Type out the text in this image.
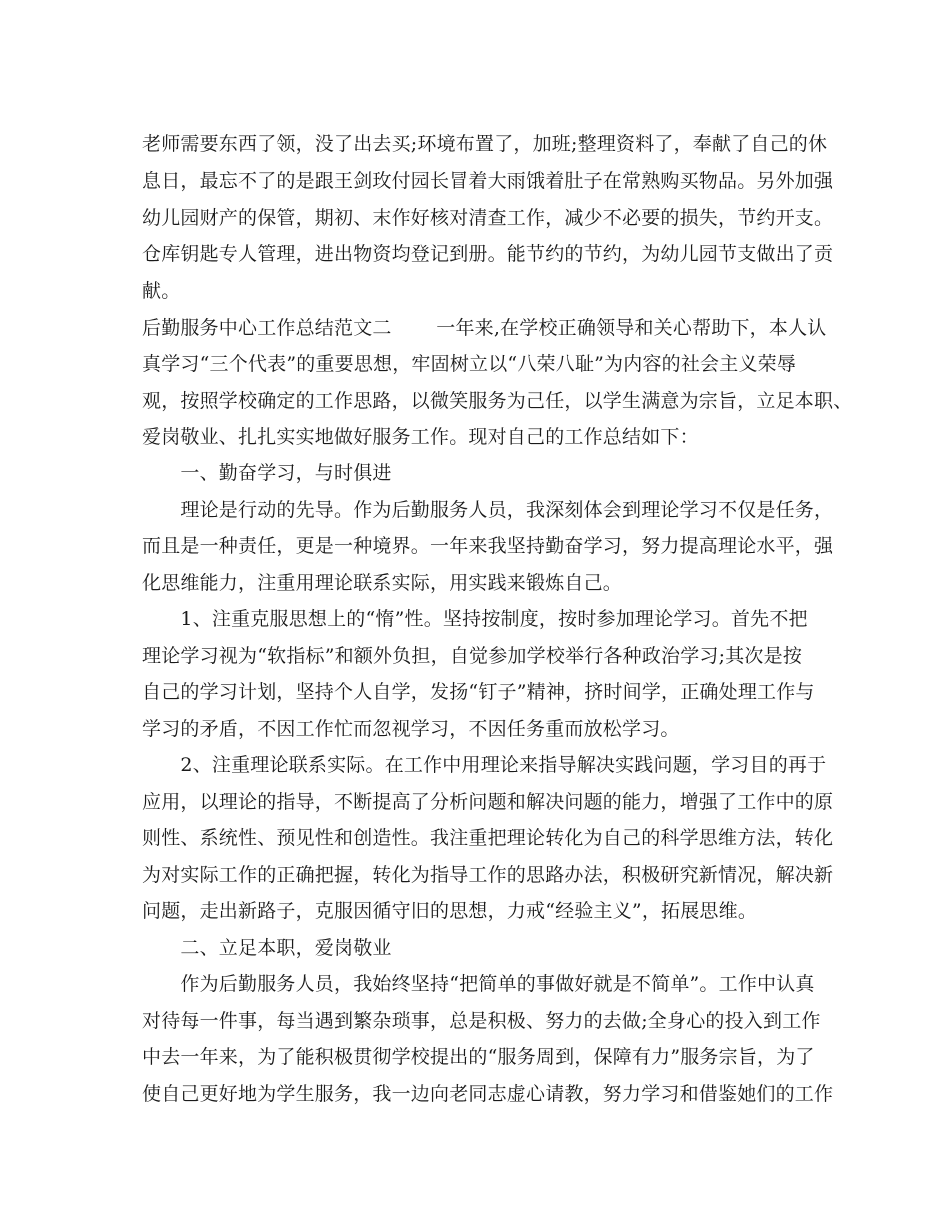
老师需要东西了领，没了出去买;环境布置了，加班;整理资料了，奉献了自己的休
息日，最忘不了的是跟王剑玫付园长冒着大雨饿着肚子在常熟购买物品。另外加强
幼儿园财产的保管，期初、末作好核对清查工作，减少不必要的损失，节约开支。
仓库钥匙专人管理，进出物资均登记到册。能节约的节约，为幼儿园节支做出了贡
献。
后勤服务中心工作总结范文二　　 一年来,在学校正确领导和关心帮助下，本人认
真学习“三个代表”的重要思想，牢固树立以“八荣八耻”为内容的社会主义荣辱
观，按照学校确定的工作思路，以微笑服务为己任，以学生满意为宗旨，立足本职、
爱岗敬业、扎扎实实地做好服务工作。现对自己的工作总结如下：
　　一、勤奋学习，与时俱进
　　理论是行动的先导。作为后勤服务人员，我深刻体会到理论学习不仅是任务，
而且是一种责任，更是一种境界。一年来我坚持勤奋学习，努力提高理论水平，强
化思维能力，注重用理论联系实际，用实践来锻炼自己。
　　1、注重克服思想上的“惰”性。坚持按制度，按时参加理论学习。首先不把
理论学习视为“软指标”和额外负担，自觉参加学校举行各种政治学习;其次是按
自己的学习计划，坚持个人自学，发扬“钉子”精神，挤时间学，正确处理工作与
学习的矛盾，不因工作忙而忽视学习，不因任务重而放松学习。
　　2、注重理论联系实际。在工作中用理论来指导解决实践问题，学习目的再于
应用，以理论的指导，不断提高了分析问题和解决问题的能力，增强了工作中的原
则性、系统性、预见性和创造性。我注重把理论转化为自己的科学思维方法，转化
为对实际工作的正确把握，转化为指导工作的思路办法，积极研究新情况，解决新
问题，走出新路子，克服因循守旧的思想，力戒“经验主义”，拓展思维。
　　二、立足本职，爱岗敬业
　　作为后勤服务人员，我始终坚持“把简单的事做好就是不简单”。工作中认真
对待每一件事，每当遇到繁杂琐事，总是积极、努力的去做;全身心的投入到工作
中去一年来，为了能积极贯彻学校提出的“服务周到，保障有力”服务宗旨，为了
使自己更好地为学生服务，我一边向老同志虚心请教，努力学习和借鉴她们的工作
